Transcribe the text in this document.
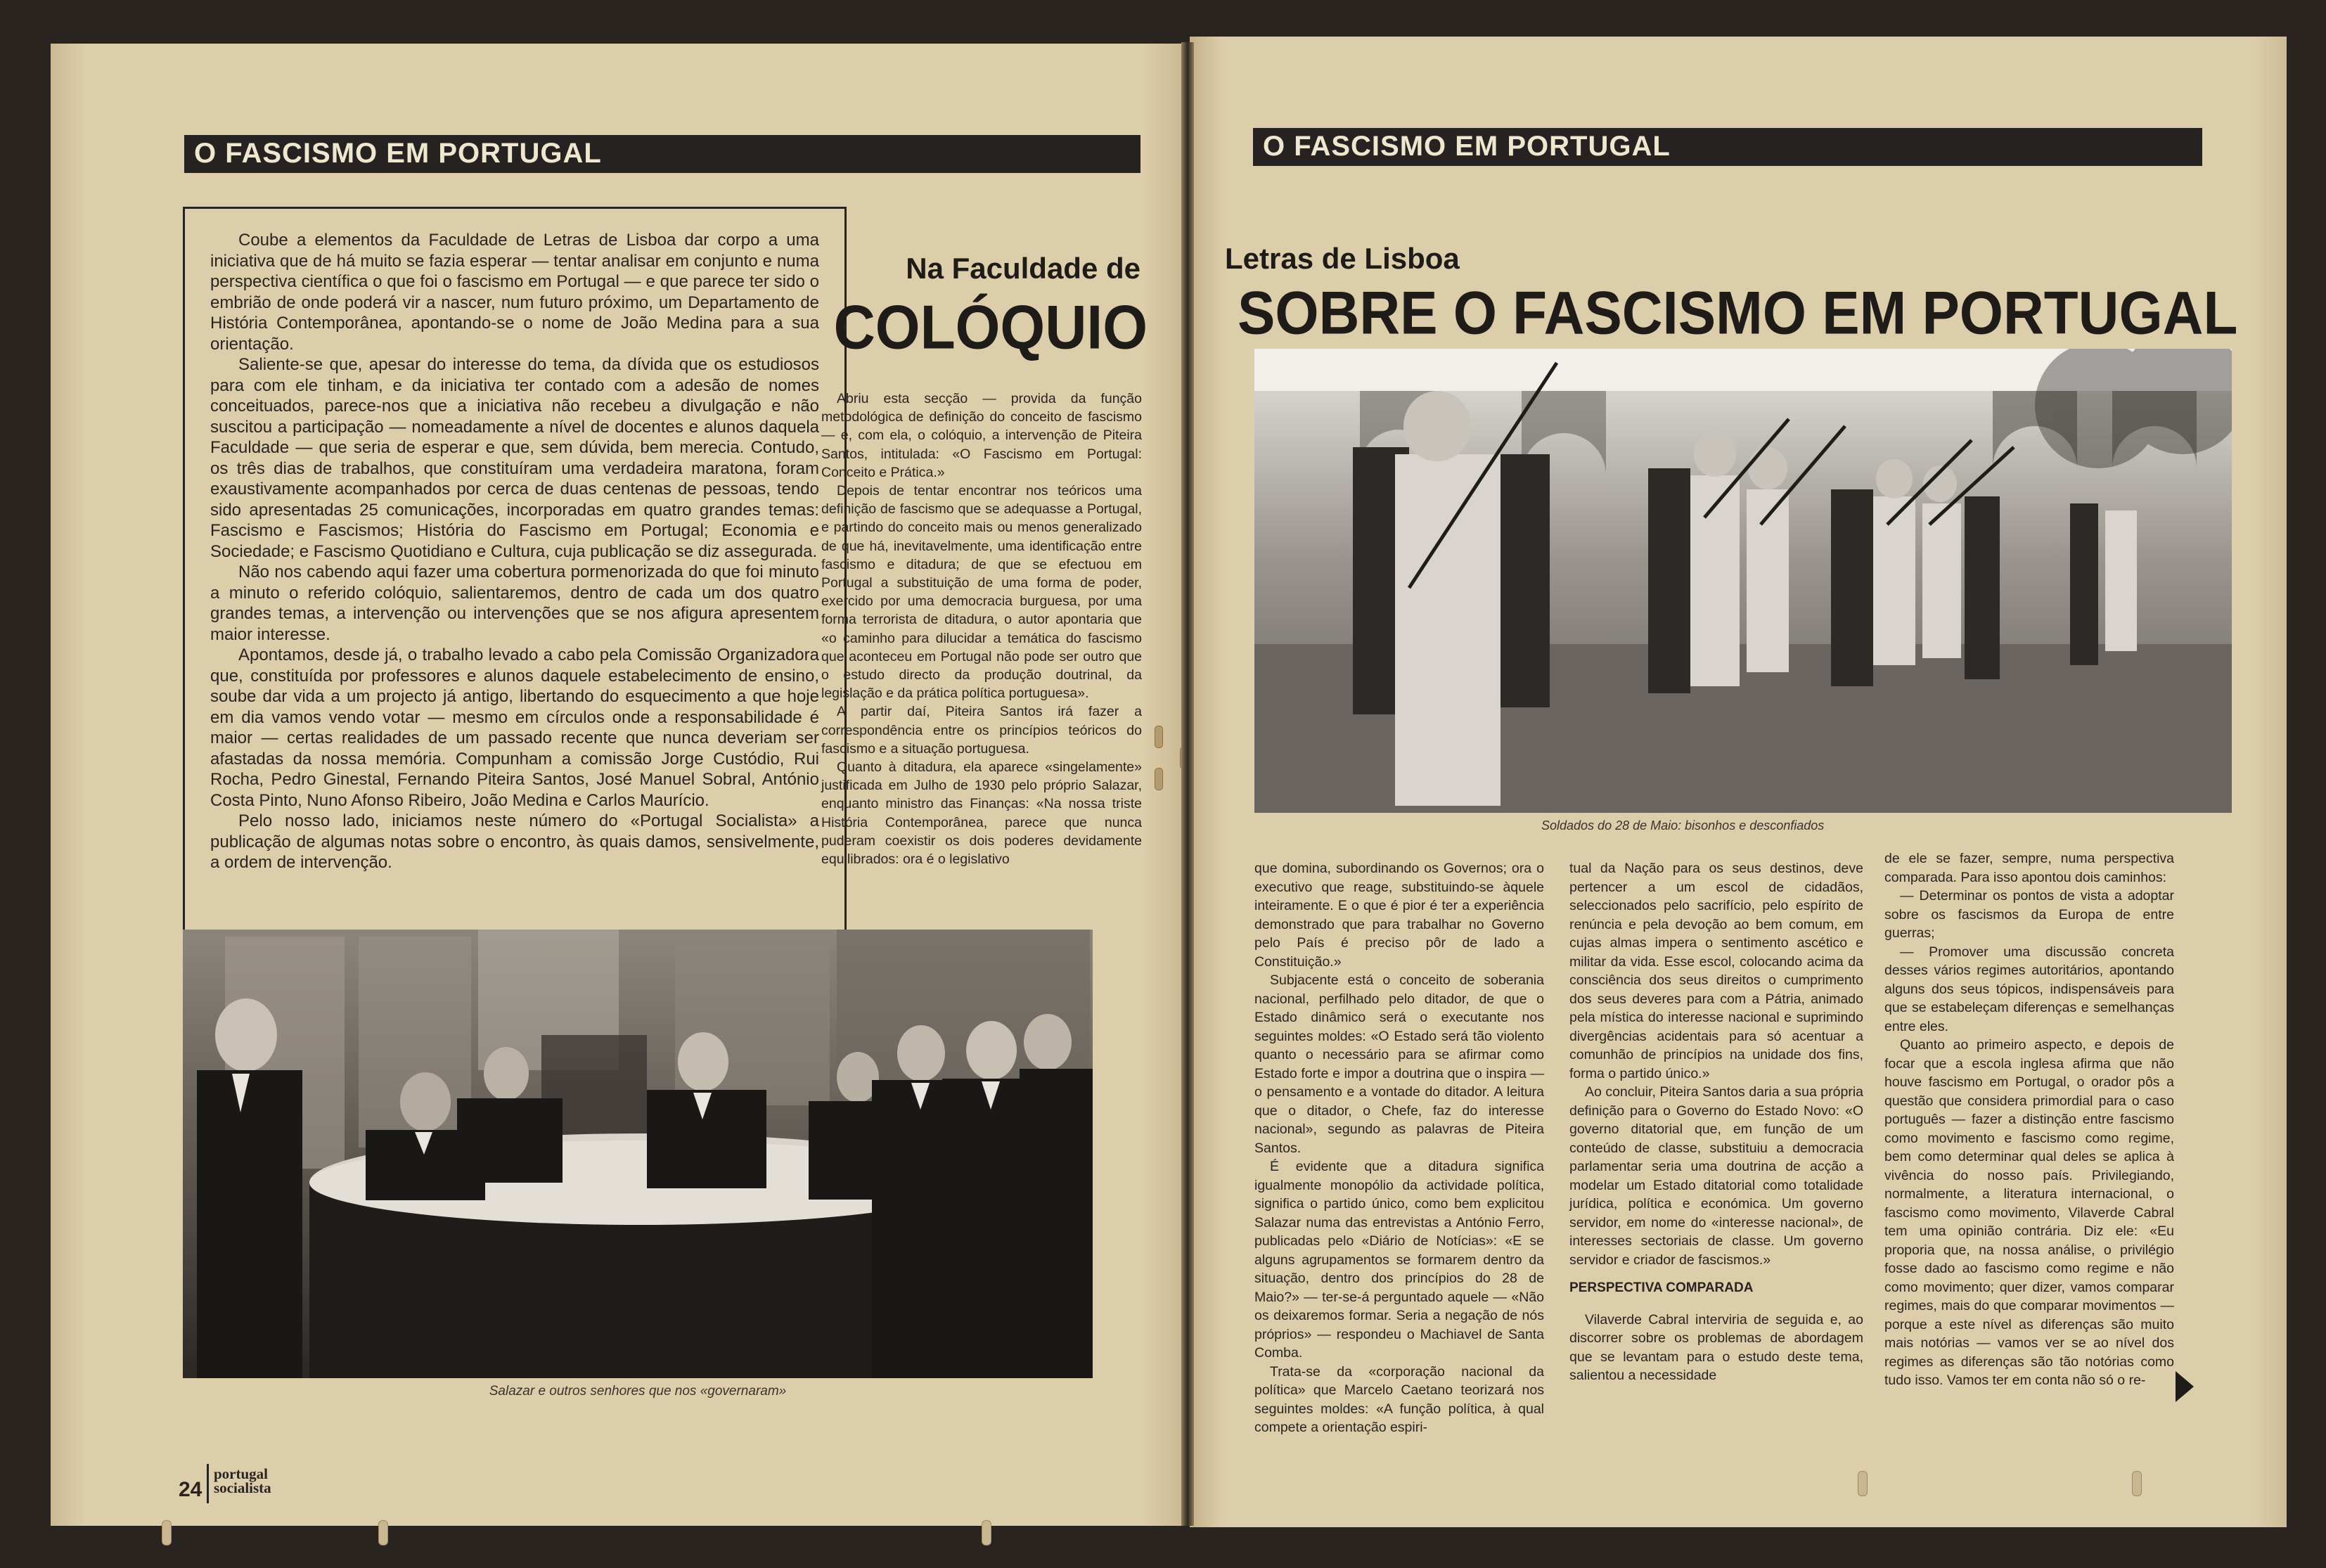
O FASCISMO EM PORTUGAL

Coube a elementos da Faculdade de Letras de Lisboa dar corpo a uma iniciativa que de há muito se fazia esperar — tentar analisar em conjunto e numa perspectiva científica o que foi o fascismo em Portugal — e que parece ter sido o embrião de onde poderá vir a nascer, num futuro próximo, um Departamento de História Contemporânea, apontando-se o nome de João Medina para a sua orientação.

Saliente-se que, apesar do interesse do tema, da dívida que os estudiosos para com ele tinham, e da iniciativa ter contado com a adesão de nomes conceituados, parece-nos que a iniciativa não recebeu a divulgação e não suscitou a participação — nomeadamente a nível de docentes e alunos daquela Faculdade — que seria de esperar e que, sem dúvida, bem merecia. Contudo, os três dias de trabalhos, que constituíram uma verdadeira maratona, foram exaustivamente acompanhados por cerca de duas centenas de pessoas, tendo sido apresentadas 25 comunicações, incorporadas em quatro grandes temas: Fascismo e Fascismos; História do Fascismo em Portugal; Economia e Sociedade; e Fascismo Quotidiano e Cultura, cuja publicação se diz assegurada.

Não nos cabendo aqui fazer uma cobertura pormenorizada do que foi minuto a minuto o referido colóquio, salientaremos, dentro de cada um dos quatro grandes temas, a intervenção ou intervenções que se nos afigura apresentem maior interesse.

Apontamos, desde já, o trabalho levado a cabo pela Comissão Organizadora que, constituída por professores e alunos daquele estabelecimento de ensino, soube dar vida a um projecto já antigo, libertando do esquecimento a que hoje em dia vamos vendo votar — mesmo em círculos onde a responsabilidade é maior — certas realidades de um passado recente que nunca deveriam ser afastadas da nossa memória. Compunham a comissão Jorge Custódio, Rui Rocha, Pedro Ginestal, Fernando Piteira Santos, José Manuel Sobral, António Costa Pinto, Nuno Afonso Ribeiro, João Medina e Carlos Maurício.

Pelo nosso lado, iniciamos neste número do «Portugal Socialista» a publicação de algumas notas sobre o encontro, às quais damos, sensivelmente, a ordem de intervenção.

Na Faculdade de
COLÓQUIO

Abriu esta secção — provida da função metodológica de definição do conceito de fascismo — e, com ela, o colóquio, a intervenção de Piteira Santos, intitulada: «O Fascismo em Portugal: Conceito e Prática.»

Depois de tentar encontrar nos teóricos uma definição de fascismo que se adequasse a Portugal, e partindo do conceito mais ou menos generalizado de que há, inevitavelmente, uma identificação entre fascismo e ditadura; de que se efectuou em Portugal a substituição de uma forma de poder, exercido por uma democracia burguesa, por uma forma terrorista de ditadura, o autor apontaria que «o caminho para dilucidar a temática do fascismo que aconteceu em Portugal não pode ser outro que o estudo directo da produção doutrinal, da legislação e da prática política portuguesa».

A partir daí, Piteira Santos irá fazer a correspondência entre os princípios teóricos do fascismo e a situação portuguesa.

Quanto à ditadura, ela aparece «singelamente» justificada em Julho de 1930 pelo próprio Salazar, enquanto ministro das Finanças: «Na nossa triste História Contemporânea, parece que nunca puderam coexistir os dois poderes devidamente equilibrados: ora é o legislativo

Salazar e outros senhores que nos «governaram»
24
portugal
socialista
O FASCISMO EM PORTUGAL
Letras de Lisboa
SOBRE O FASCISMO EM PORTUGAL
Soldados do 28 de Maio: bisonhos e desconfiados

que domina, subordinando os Governos; ora o executivo que reage, substituindo-se àquele inteiramente. E o que é pior é ter a experiência demonstrado que para trabalhar no Governo pelo País é preciso pôr de lado a Constituição.»

Subjacente está o conceito de soberania nacional, perfilhado pelo ditador, de que o Estado dinâmico será o executante nos seguintes moldes: «O Estado será tão violento quanto o necessário para se afirmar como Estado forte e impor a doutrina que o inspira — o pensamento e a vontade do ditador. A leitura que o ditador, o Chefe, faz do interesse nacional», segundo as palavras de Piteira Santos.

É evidente que a ditadura significa igualmente monopólio da actividade política, significa o partido único, como bem explicitou Salazar numa das entrevistas a António Ferro, publicadas pelo «Diário de Notícias»: «E se alguns agrupamentos se formarem dentro da situação, dentro dos princípios do 28 de Maio?» — ter-se-á perguntado aquele — «Não os deixaremos formar. Seria a negação de nós próprios» — respondeu o Machiavel de Santa Comba.

Trata-se da «corporação nacional da política» que Marcelo Caetano teorizará nos seguintes moldes: «A função política, à qual compete a orientação espiri-

tual da Nação para os seus destinos, deve pertencer a um escol de cidadãos, seleccionados pelo sacrifício, pelo espírito de renúncia e pela devoção ao bem comum, em cujas almas impera o sentimento ascético e militar da vida. Esse escol, colocando acima da consciência dos seus direitos o cumprimento dos seus deveres para com a Pátria, animado pela mística do interesse nacional e suprimindo divergências acidentais para só acentuar a comunhão de princípios na unidade dos fins, forma o partido único.»

Ao concluir, Piteira Santos daria a sua própria definição para o Governo do Estado Novo: «O governo ditatorial que, em função de um conteúdo de classe, substituiu a democracia parlamentar seria uma doutrina de acção a modelar um Estado ditatorial como totalidade jurídica, política e económica. Um governo servidor, em nome do «interesse nacional», de interesses sectoriais de classe. Um governo servidor e criador de fascismos.»

PERSPECTIVA COMPARADA

Vilaverde Cabral interviria de seguida e, ao discorrer sobre os problemas de abordagem que se levantam para o estudo deste tema, salientou a necessidade

de ele se fazer, sempre, numa perspectiva comparada. Para isso apontou dois caminhos:

— Determinar os pontos de vista a adoptar sobre os fascismos da Europa de entre guerras;

— Promover uma discussão concreta desses vários regimes autoritários, apontando alguns dos seus tópicos, indispensáveis para que se estabeleçam diferenças e semelhanças entre eles.

Quanto ao primeiro aspecto, e depois de focar que a escola inglesa afirma que não houve fascismo em Portugal, o orador pôs a questão que considera primordial para o caso português — fazer a distinção entre fascismo como movimento e fascismo como regime, bem como determinar qual deles se aplica à vivência do nosso país. Privilegiando, normalmente, a literatura internacional, o fascismo como movimento, Vilaverde Cabral tem uma opinião contrária. Diz ele: «Eu proporia que, na nossa análise, o privilégio fosse dado ao fascismo como regime e não como movimento; quer dizer, vamos comparar regimes, mais do que comparar movimentos — porque a este nível as diferenças são muito mais notórias — vamos ver se ao nível dos regimes as diferenças são tão notórias como tudo isso. Vamos ter em conta não só o re-
